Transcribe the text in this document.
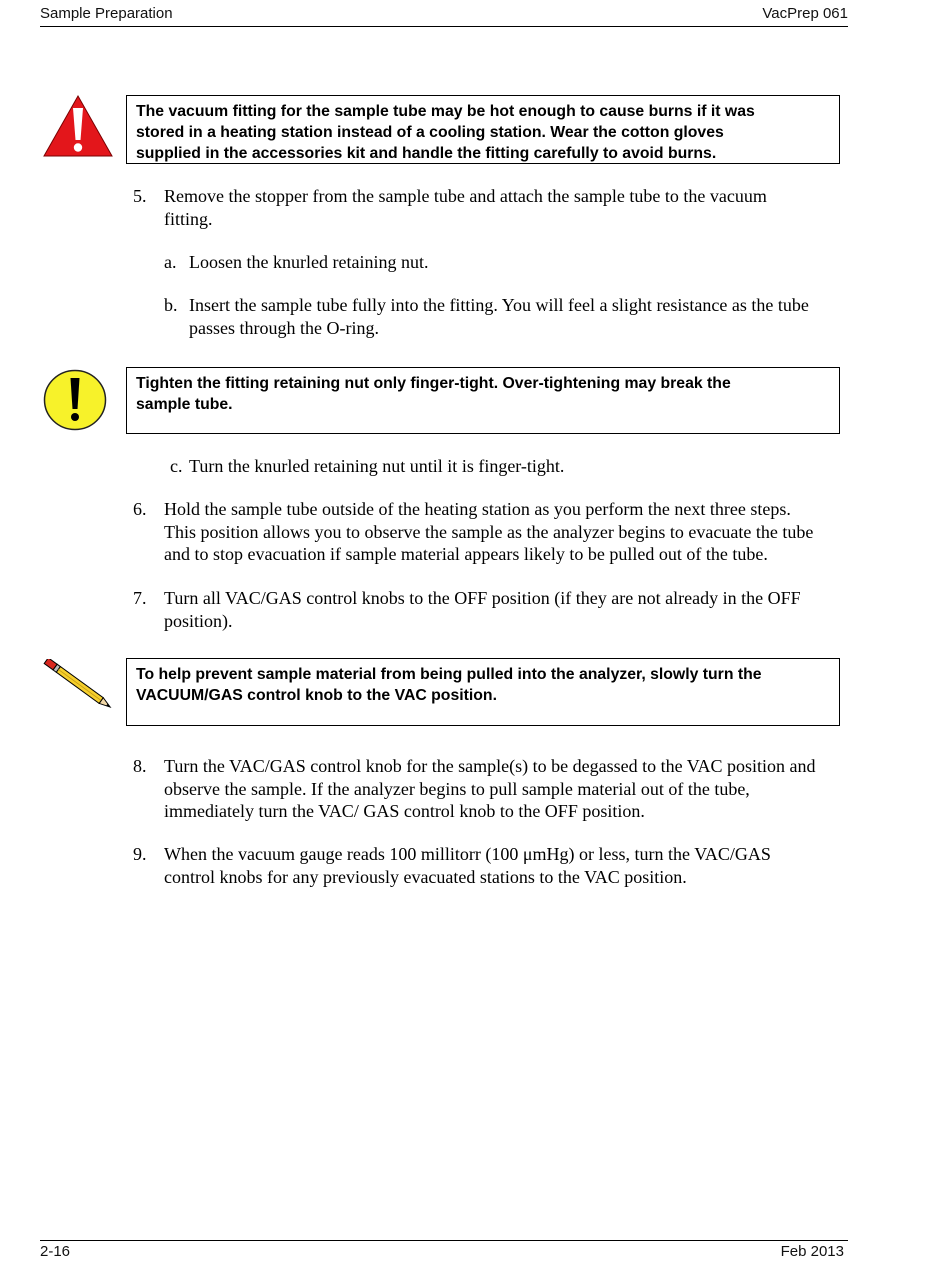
Sample Preparation	VacPrep 061
The vacuum fitting for the sample tube may be hot enough to cause burns if it was
stored in a heating station instead of a cooling station. Wear the cotton gloves
supplied in the accessories kit and handle the fitting carefully to avoid burns.
5. Remove the stopper from the sample tube and attach the sample tube to the vacuum
fitting.
a. Loosen the knurled retaining nut.
b. Insert the sample tube fully into the fitting. You will feel a slight resistance as the tube
passes through the O-ring.
Tighten the fitting retaining nut only finger-tight. Over-tightening may break the
sample tube.
c. Turn the knurled retaining nut until it is finger-tight.
6. Hold the sample tube outside of the heating station as you perform the next three steps.
This position allows you to observe the sample as the analyzer begins to evacuate the tube
and to stop evacuation if sample material appears likely to be pulled out of the tube.
7. Turn all VAC/GAS control knobs to the OFF position (if they are not already in the OFF
position).
To help prevent sample material from being pulled into the analyzer, slowly turn the
VACUUM/GAS control knob to the VAC position.
8. Turn the VAC/GAS control knob for the sample(s) to be degassed to the VAC position and
observe the sample. If the analyzer begins to pull sample material out of the tube,
immediately turn the VAC/ GAS control knob to the OFF position.
9. When the vacuum gauge reads 100 millitorr (100 μmHg) or less, turn the VAC/GAS
control knobs for any previously evacuated stations to the VAC position.
2-16	Feb 2013
